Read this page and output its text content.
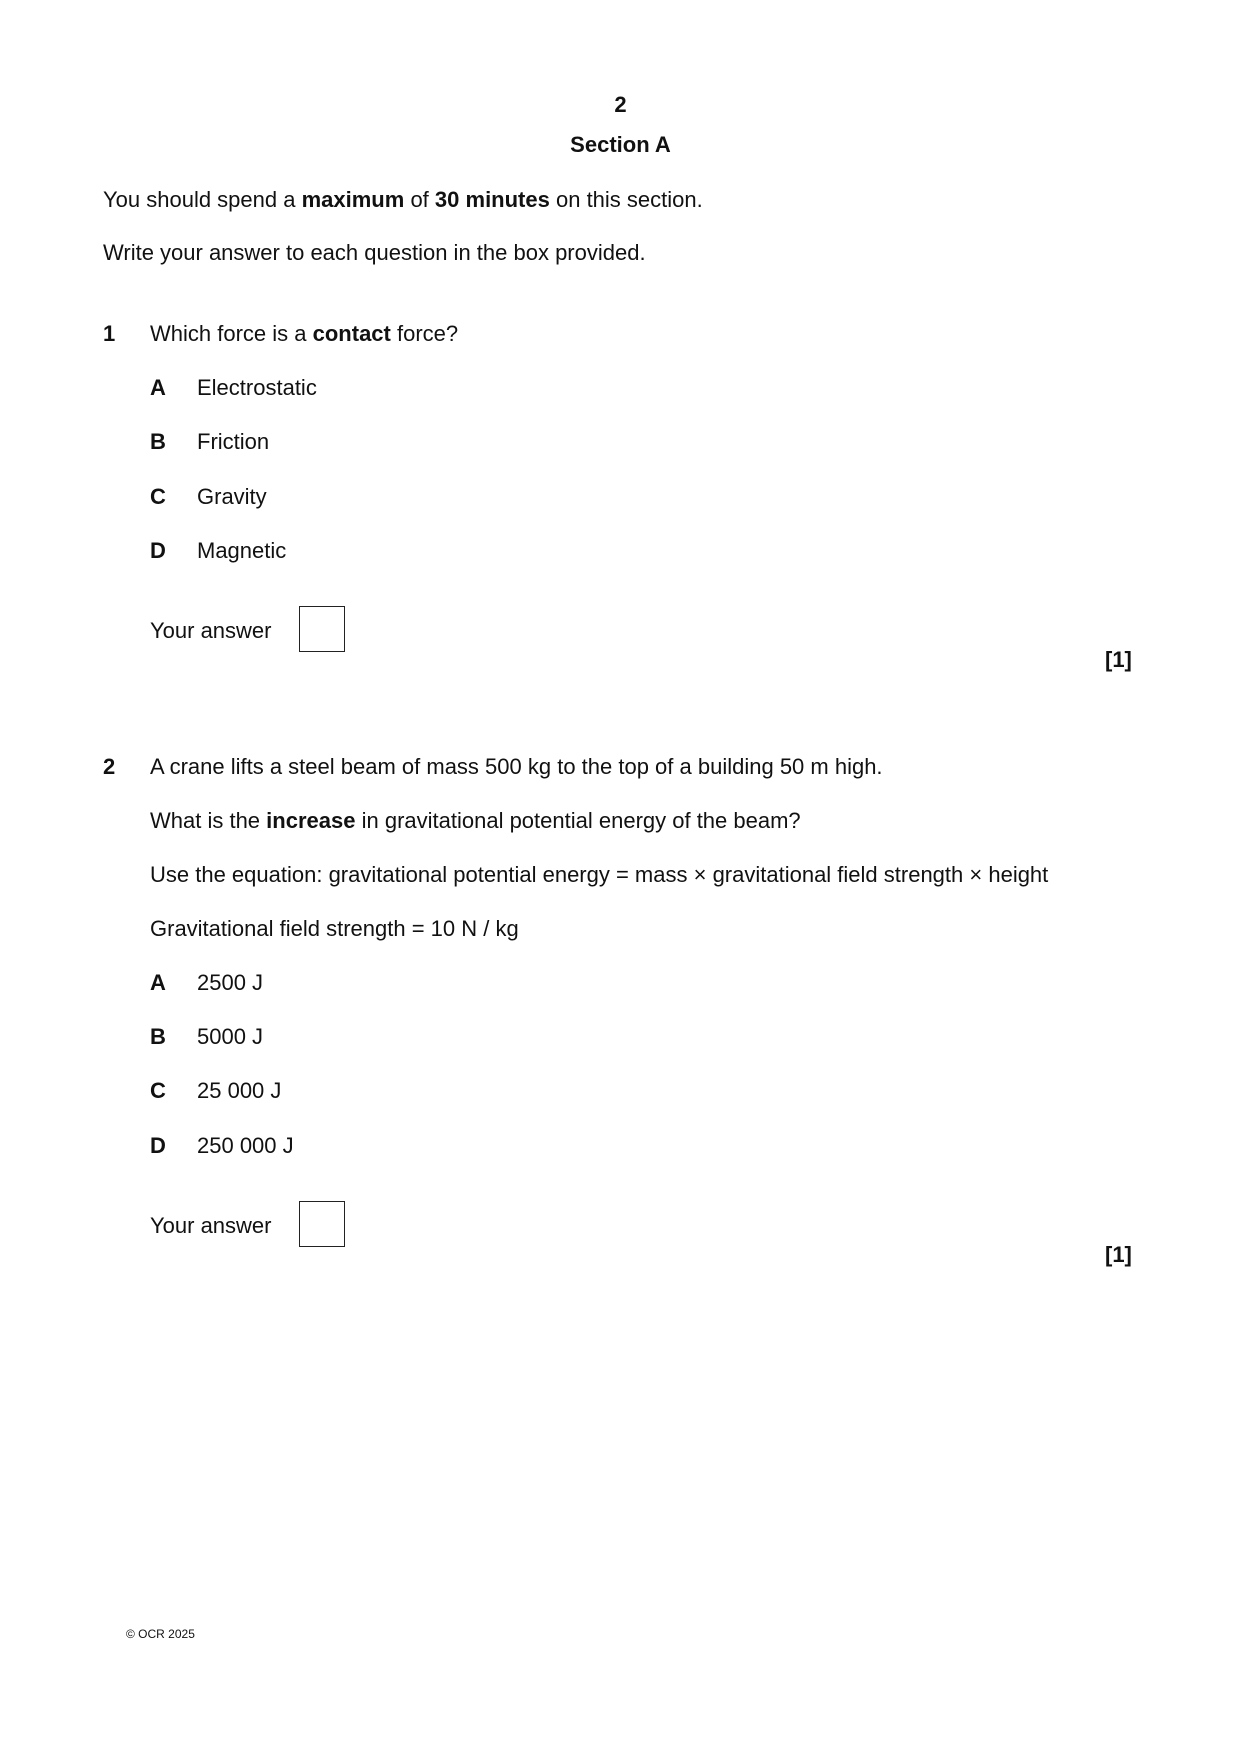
2
Section A
You should spend a maximum of 30 minutes on this section.
Write your answer to each question in the box provided.
1 Which force is a contact force?
A Electrostatic
B Friction
C Gravity
D Magnetic
Your answer
[1]
2 A crane lifts a steel beam of mass 500 kg to the top of a building 50 m high.
What is the increase in gravitational potential energy of the beam?
Use the equation: gravitational potential energy = mass × gravitational field strength × height
Gravitational field strength = 10 N / kg
A 2500 J
B 5000 J
C 25 000 J
D 250 000 J
Your answer
[1]
© OCR 2025
